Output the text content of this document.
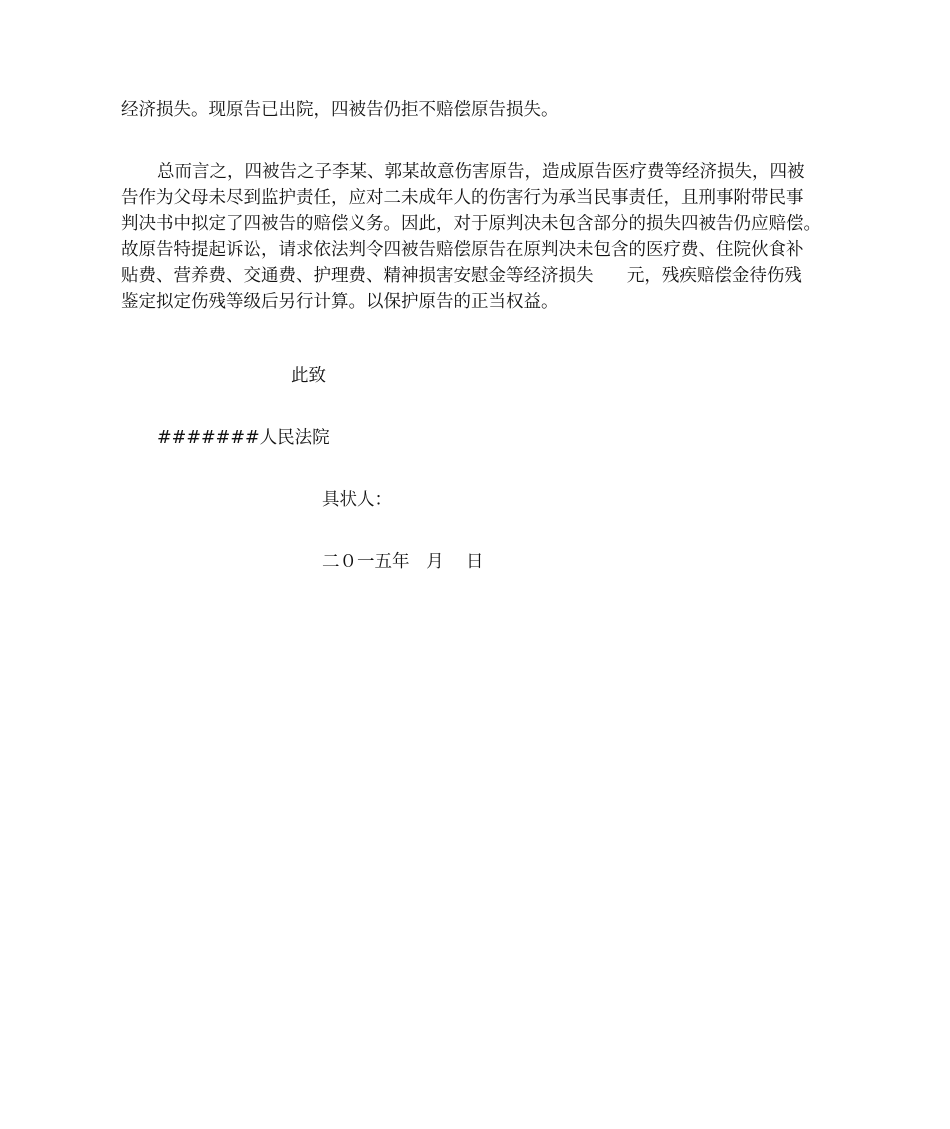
经济损失。现原告已出院，四被告仍拒不赔偿原告损失。
总而言之，四被告之子李某、郭某故意伤害原告，造成原告医疗费等经济损失，四被
告作为父母未尽到监护责任，应对二未成年人的伤害行为承当民事责任，且刑事附带民事
判决书中拟定了四被告的赔偿义务。因此，对于原判决未包含部分的损失四被告仍应赔偿。
故原告特提起诉讼，请求依法判令四被告赔偿原告在原判决未包含的医疗费、住院伙食补
贴费、营养费、交通费、护理费、精神损害安慰金等经济损失      元，残疾赔偿金待伤残
鉴定拟定伤残等级后另行计算。以保护原告的正当权益。
此致
#######人民法院
具状人：
二０一五年   月    日
